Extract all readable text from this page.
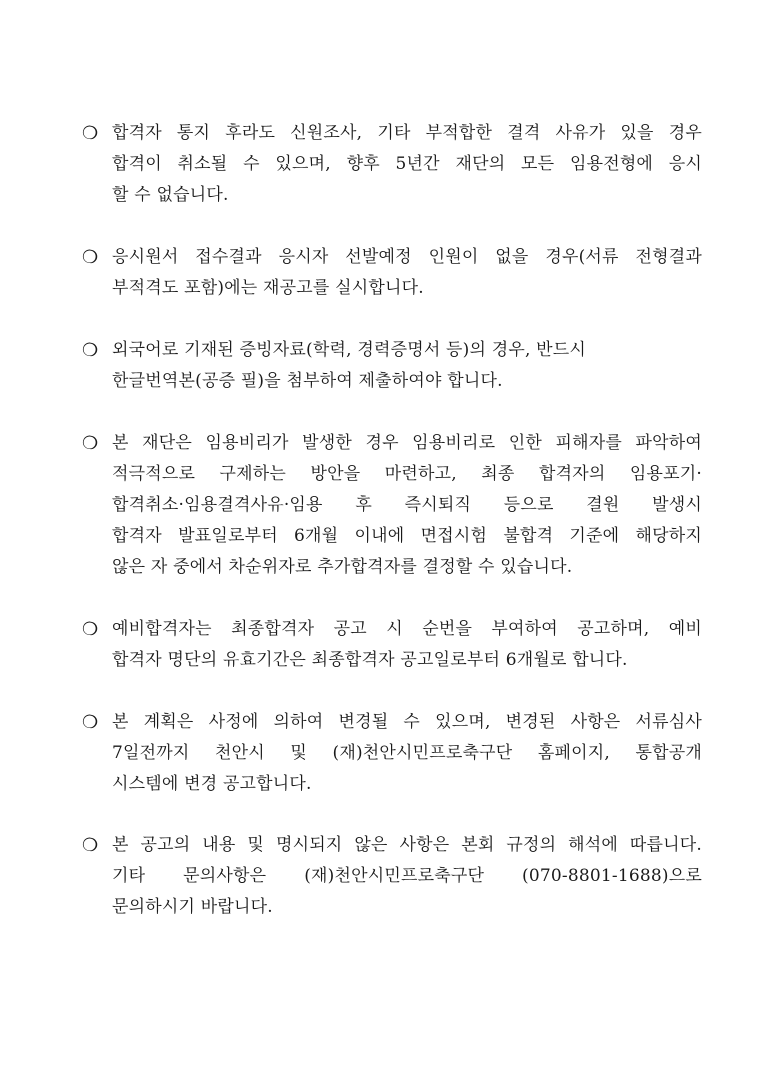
❍ 합격자 통지 후라도 신원조사, 기타 부적합한 결격 사유가 있을 경우
합격이 취소될 수 있으며, 향후 5년간 재단의 모든 임용전형에 응시
할 수 없습니다.
❍ 응시원서 접수결과 응시자 선발예정 인원이 없을 경우(서류 전형결과
부적격도 포함)에는 재공고를 실시합니다.
❍ 외국어로 기재된 증빙자료(학력, 경력증명서 등)의 경우, 반드시
한글번역본(공증 필)을 첨부하여 제출하여야 합니다.
❍ 본 재단은 임용비리가 발생한 경우 임용비리로 인한 피해자를 파악하여
적극적으로 구제하는 방안을 마련하고, 최종 합격자의 임용포기·
합격취소·임용결격사유·임용 후 즉시퇴직 등으로 결원 발생시
합격자 발표일로부터 6개월 이내에 면접시험 불합격 기준에 해당하지
않은 자 중에서 차순위자로 추가합격자를 결정할 수 있습니다.
❍ 예비합격자는 최종합격자 공고 시 순번을 부여하여 공고하며, 예비
합격자 명단의 유효기간은 최종합격자 공고일로부터 6개월로 합니다.
❍ 본 계획은 사정에 의하여 변경될 수 있으며, 변경된 사항은 서류심사
7일전까지 천안시 및 (재)천안시민프로축구단 홈페이지, 통합공개
시스템에 변경 공고합니다.
❍ 본 공고의 내용 및 명시되지 않은 사항은 본회 규정의 해석에 따릅니다.
기타 문의사항은 (재)천안시민프로축구단 (070-8801-1688)으로
문의하시기 바랍니다.
